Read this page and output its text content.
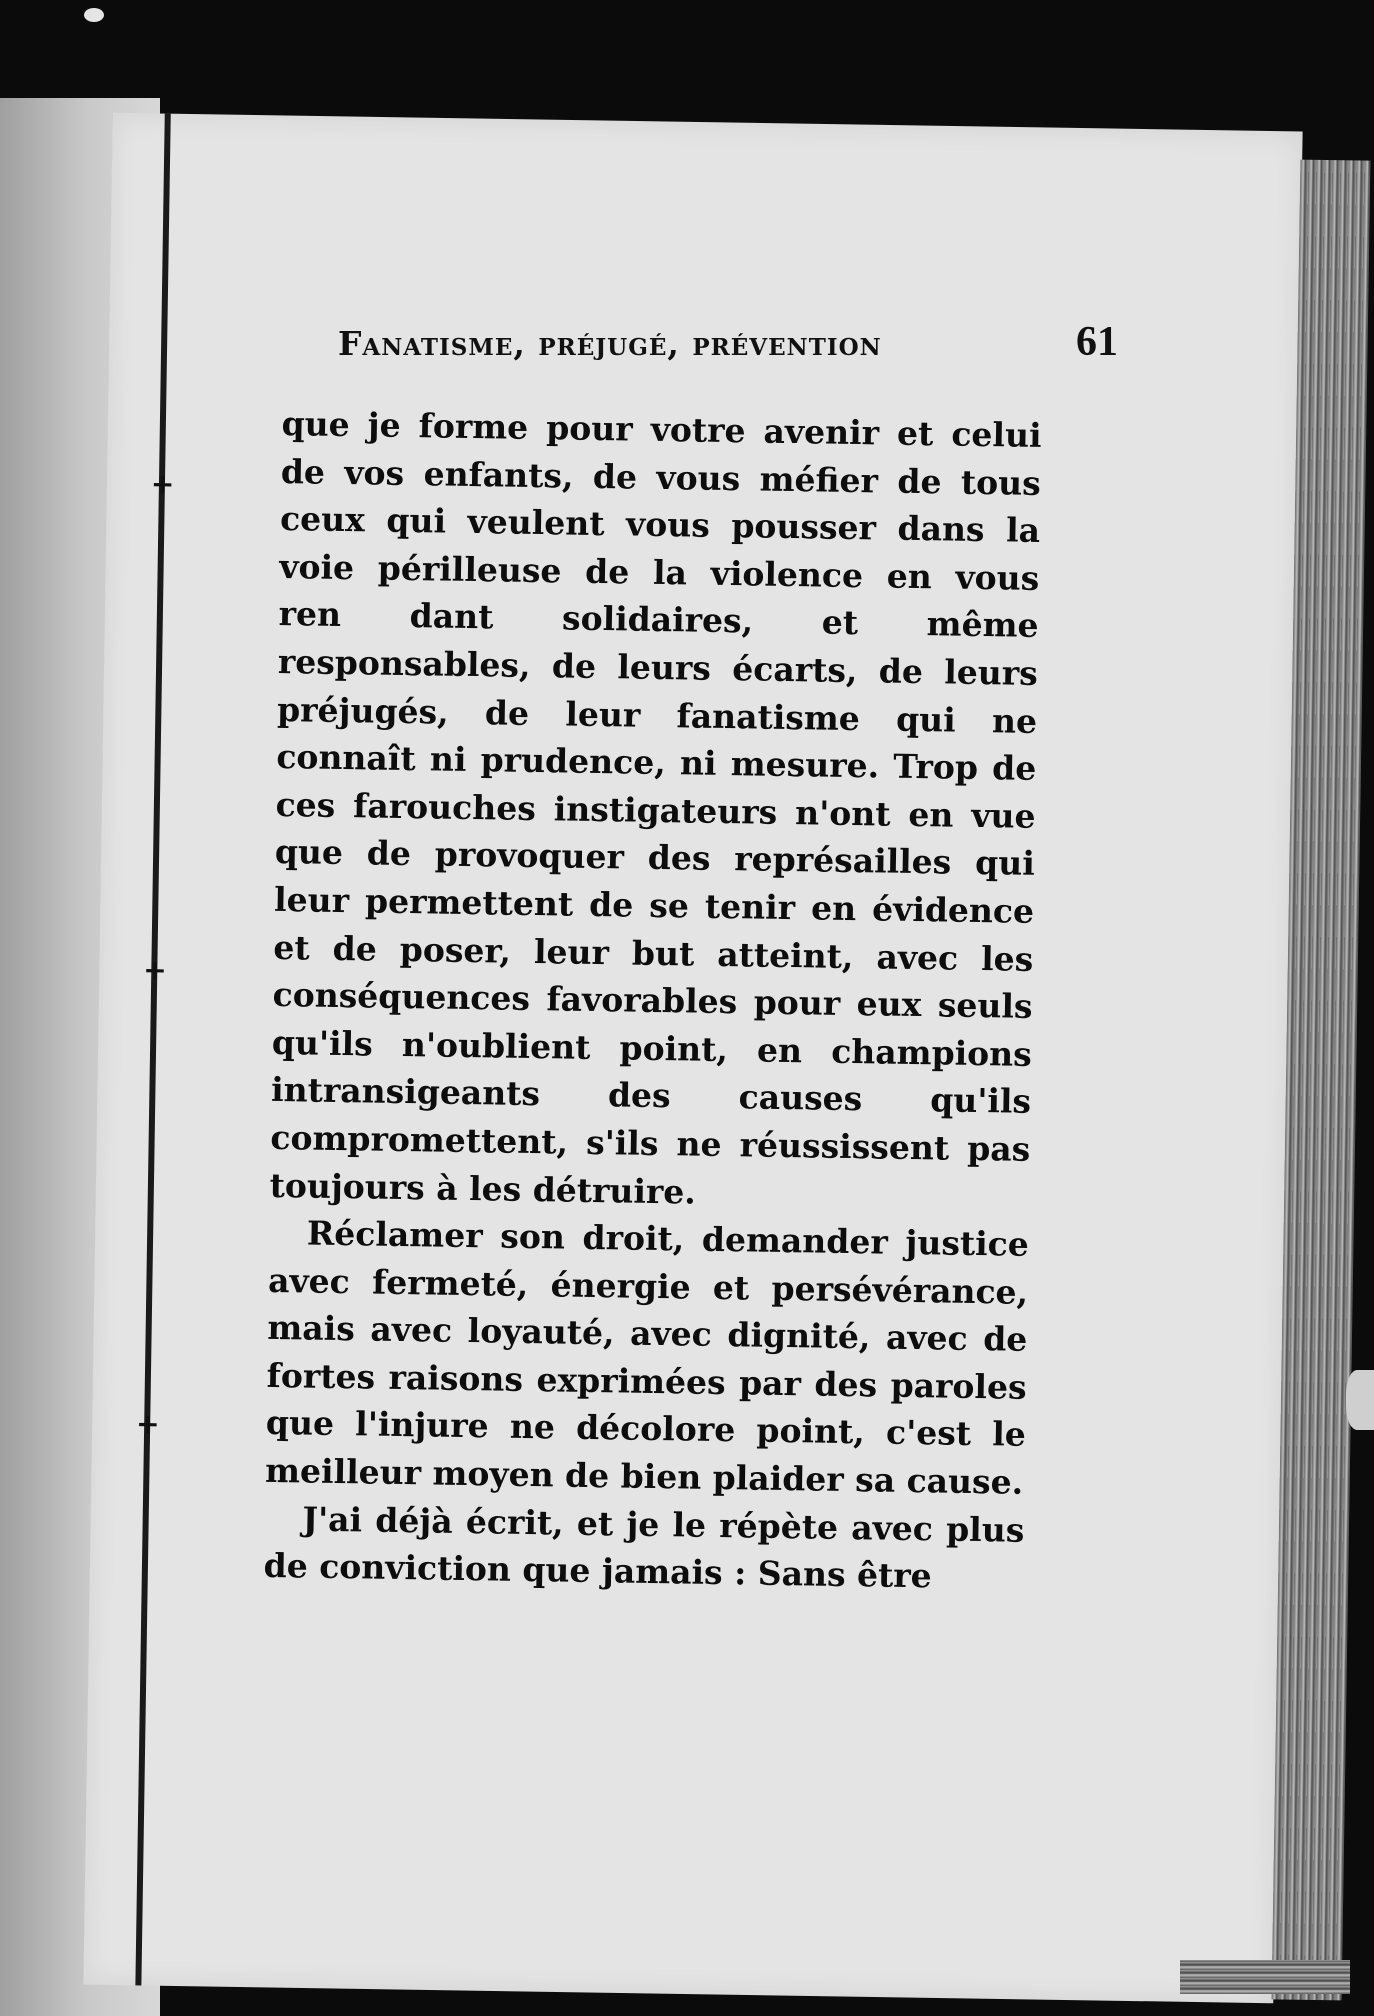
+
+
+
Fanatisme, préjugé, prévention	61

que je forme pour votre avenir et celui de vos enfants, de vous méfier de tous ceux qui veulent vous pousser dans la voie périlleuse de la violence en vous ren dant solidaires, et même responsables, de leurs écarts, de leurs préjugés, de leur fanatisme qui ne connaît ni prudence, ni mesure. Trop de ces farouches instigateurs n'ont en vue que de provoquer des représailles qui leur permettent de se tenir en évidence et de poser, leur but atteint, avec les conséquences favorables pour eux seuls qu'ils n'oublient point, en champions intransigeants des causes qu'ils compromettent, s'ils ne réussissent pas toujours à les détruire.

Réclamer son droit, demander justice avec fermeté, énergie et persévérance, mais avec loyauté, avec dignité, avec de fortes raisons exprimées par des paroles que l'injure ne décolore point, c'est le meilleur moyen de bien plaider sa cause.

J'ai déjà écrit, et je le répète avec plus de conviction que jamais : Sans être
